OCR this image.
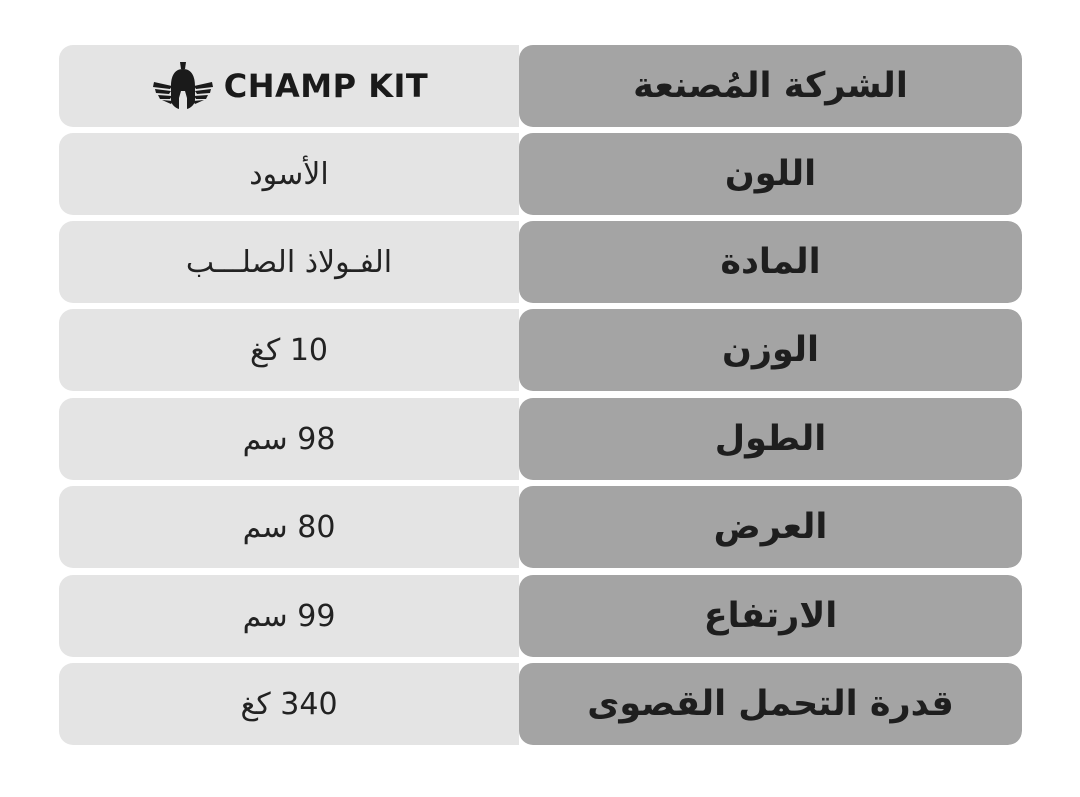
الشركة المُصنعة
CHAMP KIT
اللون
الأسود
المادة
الفـولاذ الصلـــب
الوزن
10 كغ
الطول
98 سم
العرض
80 سم
الارتفاع
99 سم
قدرة التحمل القصوى
340 كغ
